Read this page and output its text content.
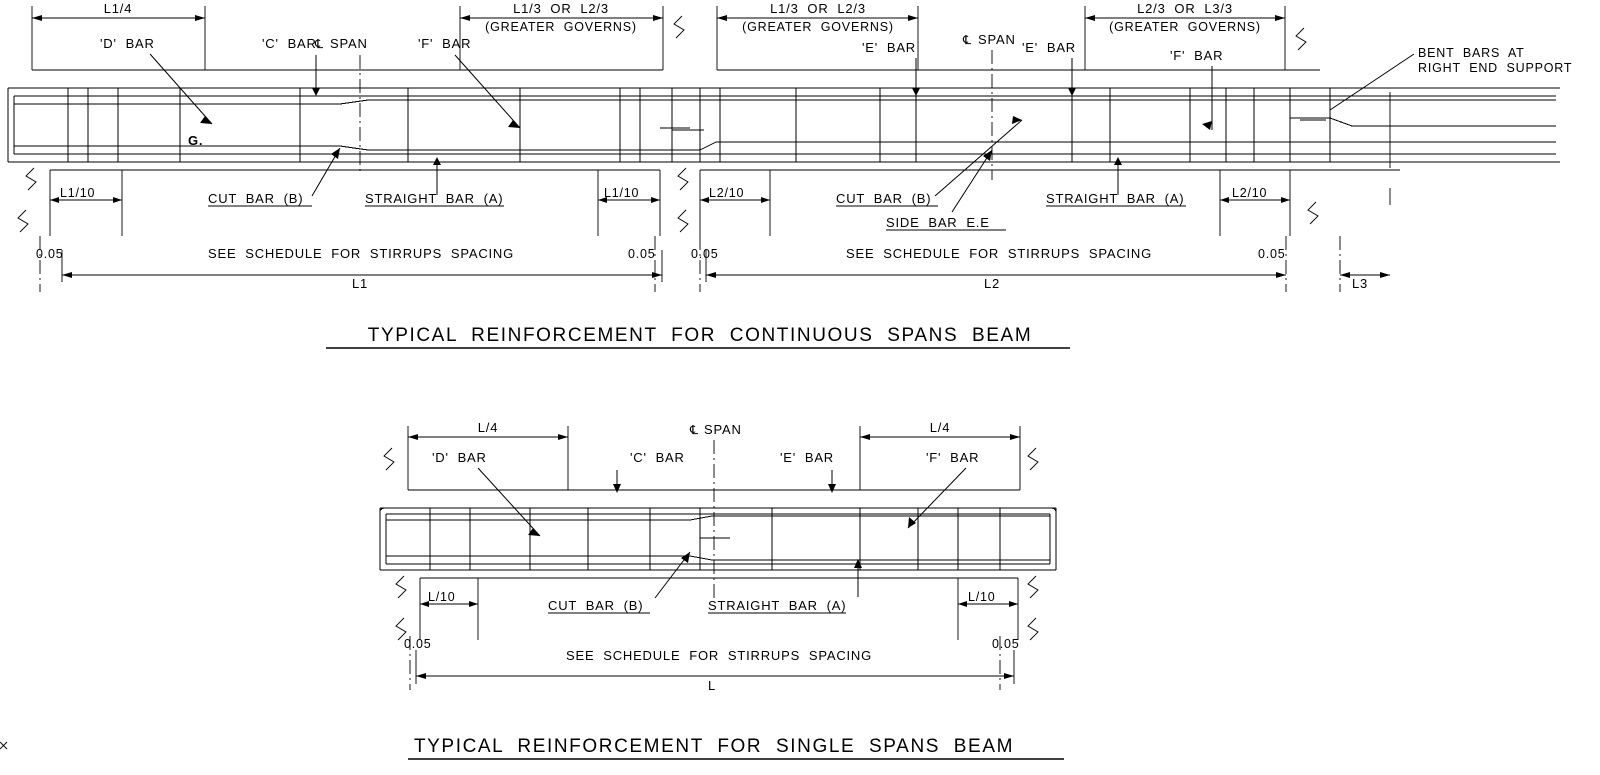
L1/4	L1/3  OR  L2/3
(GREATER  GOVERNS)
L1/3  OR  L2/3
(GREATER  GOVERNS)
L2/3  OR  L3/3
(GREATER  GOVERNS)
'D'  BAR	'C'  BAR	'F'  BAR	'E'  BAR	'E'  BAR
'F'  BAR
℄ SPAN	℄ SPAN
BENT  BARS  AT
RIGHT  END  SUPPORT
G.
L1/10	L1/10	L2/10	L2/10
CUT  BAR  (B)	STRAIGHT  BAR  (A)	CUT  BAR  (B)	STRAIGHT  BAR  (A)
SIDE  BAR  E.E
0.05	0.05	0.05	0.05
SEE  SCHEDULE  FOR  STIRRUPS  SPACING	SEE  SCHEDULE  FOR  STIRRUPS  SPACING
L1	L2	L3
TYPICAL  REINFORCEMENT  FOR  CONTINUOUS  SPANS  BEAM
L/4	L/4
℄ SPAN
'D'  BAR	'C'  BAR	'E'  BAR	'F'  BAR
L/10	L/10
CUT  BAR  (B)	STRAIGHT  BAR  (A)
0.05	0.05
SEE  SCHEDULE  FOR  STIRRUPS  SPACING
L
TYPICAL  REINFORCEMENT  FOR  SINGLE  SPANS  BEAM
